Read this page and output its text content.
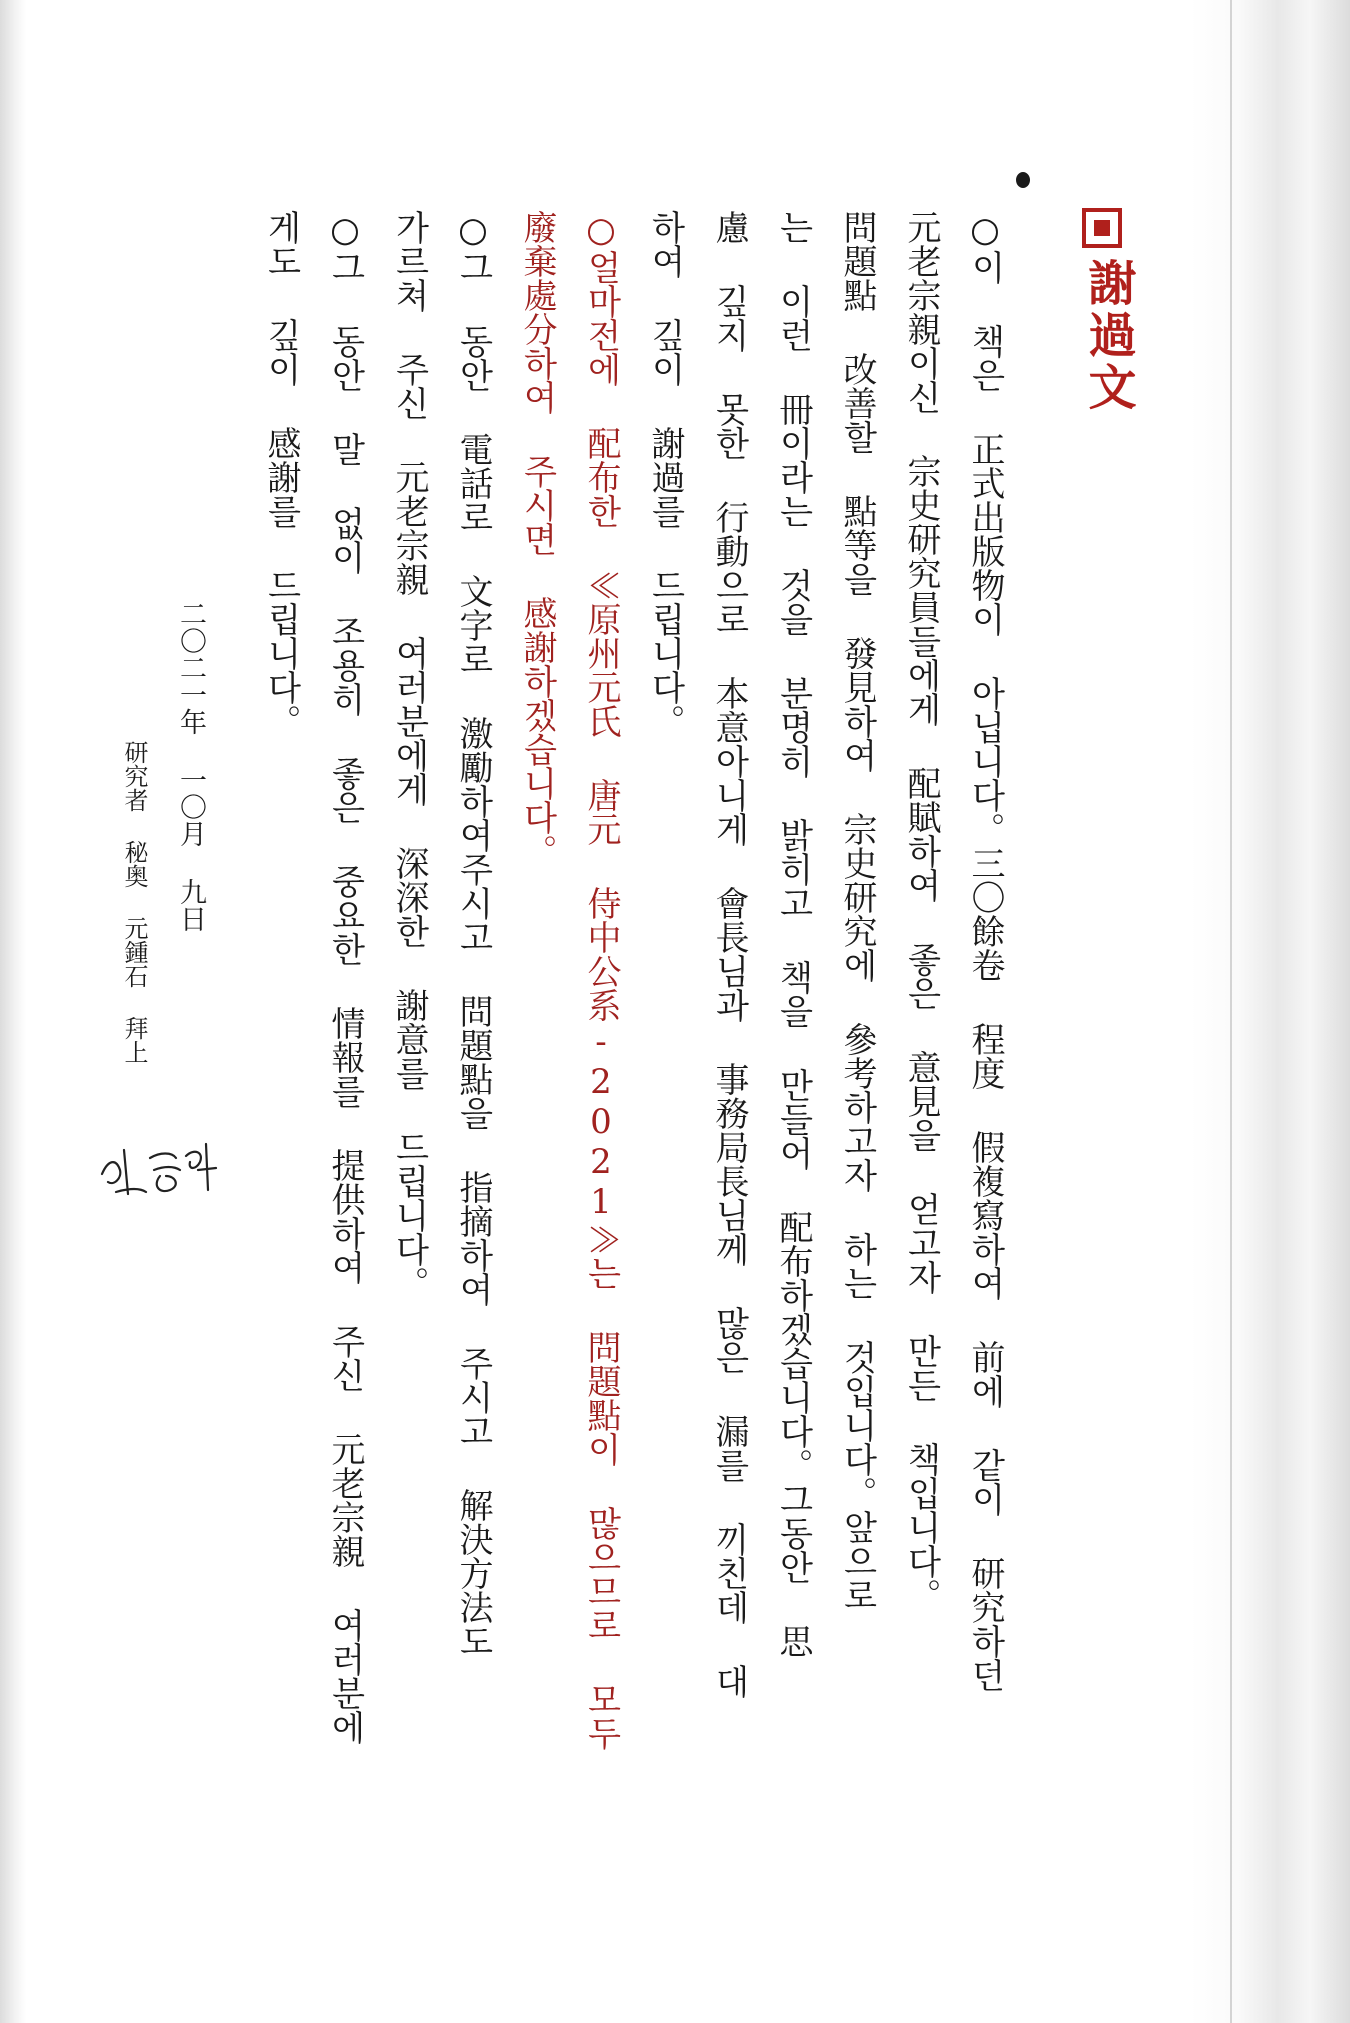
謝過文
○이 책은 正式出版物이 아닙니다。三〇餘卷 程度 假複寫하여 前에 같이 研究하던
元老宗親이신 宗史研究員들에게 配賦하여 좋은 意見을 얻고자 만든 책입니다。
問題點 改善할 點等을 發見하여 宗史研究에 參考하고자 하는 것입니다。앞으로
는 이런 冊이라는 것을 분명히 밝히고 책을 만들어 配布하겠습니다。그동안 思
慮 깊지 못한 行動으로 本意아니게 會長님과 事務局長님께 많은 漏를 끼친데 대
하여 깊이 謝過를 드립니다。
○얼마전에 配布한 ≪原州元氏 唐元 侍中公系-2021≫는 問題點이 많으므로 모두
廢棄處分하여 주시면 感謝하겠습니다。
○그 동안 電話로 文字로 激勵하여주시고 問題點을 指摘하여 주시고 解決方法도
가르쳐 주신 元老宗親 여러분에게 深深한 謝意를 드립니다。
○그 동안 말 없이 조용히 좋은 중요한 情報를 提供하여 주신 元老宗親 여러분에
게도 깊이 感謝를 드립니다。
二〇二一年 一〇月 九日
研究者 秘奥 元鍾石 拜上
